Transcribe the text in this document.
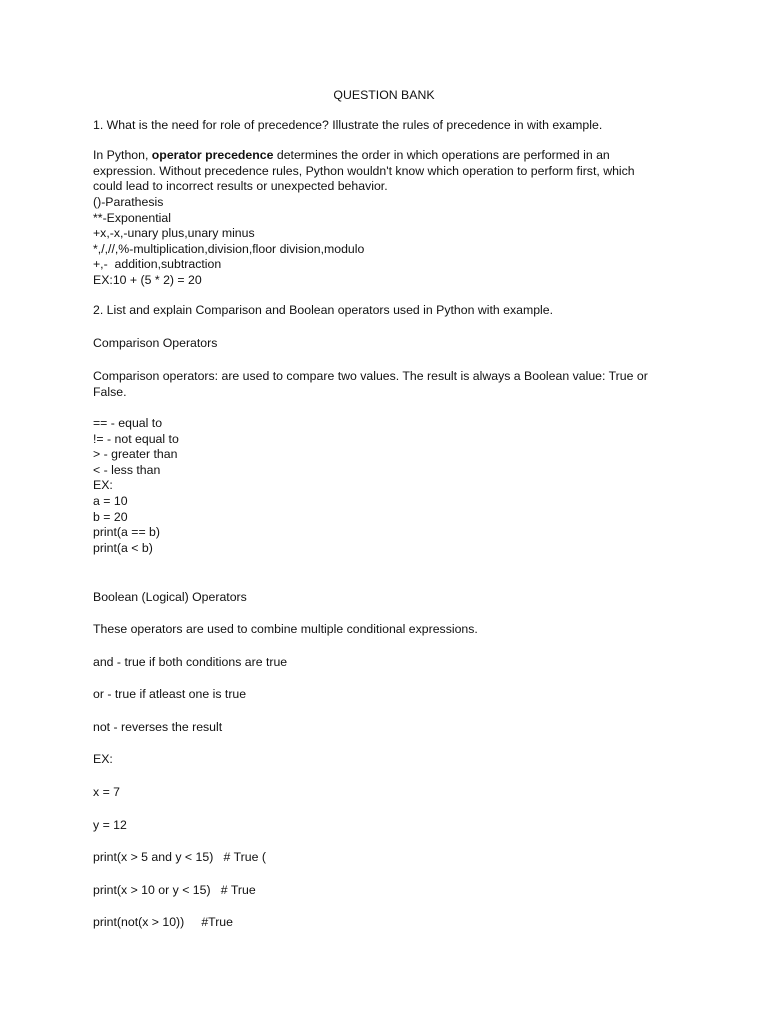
QUESTION BANK
1. What is the need for role of precedence? Illustrate the rules of precedence in with example.
In Python, operator precedence determines the order in which operations are performed in an expression. Without precedence rules, Python wouldn't know which operation to perform first, which could lead to incorrect results or unexpected behavior.
()-Parathesis
**-Exponential
+x,-x,-unary plus,unary minus
*,/,//,%-multiplication,division,floor division,modulo
+,-  addition,subtraction
EX:10 + (5 * 2) = 20
2. List and explain Comparison and Boolean operators used in Python with example.
Comparison Operators
Comparison operators: are used to compare two values. The result is always a Boolean value: True or False.
== - equal to
!= - not equal to
> - greater than
< - less than
EX:
a = 10
b = 20
print(a == b)
print(a < b)
Boolean (Logical) Operators
These operators are used to combine multiple conditional expressions.
and - true if both conditions are true
or - true if atleast one is true
not - reverses the result
EX:
x = 7
y = 12
print(x > 5 and y < 15)   # True (
print(x > 10 or y < 15)   # True
print(not(x > 10))     #True
